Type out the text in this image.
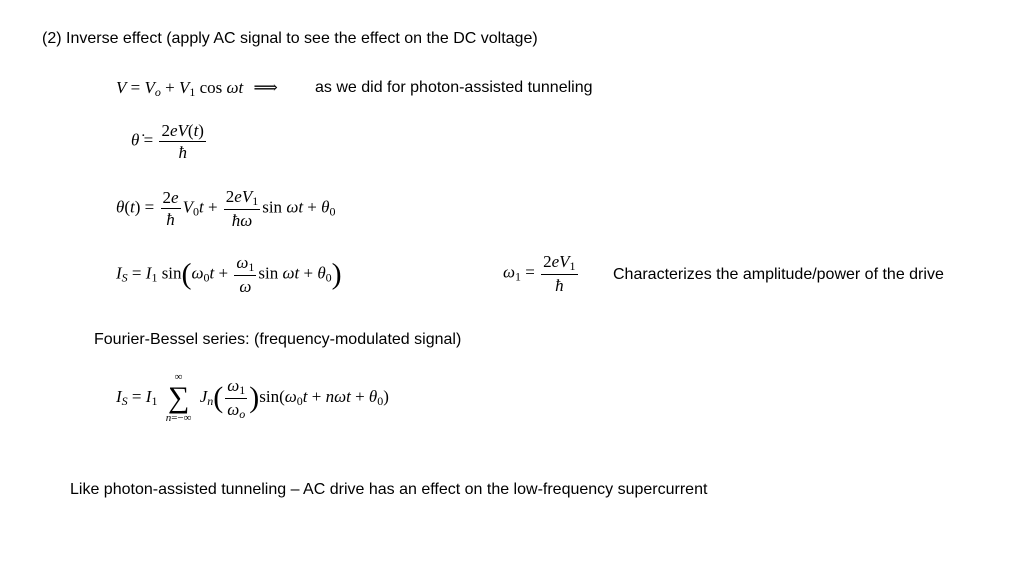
(2) Inverse effect (apply AC signal to see the effect on the DC voltage)
$V = V_o + V_1$ cos ωt ⟹ as we did for photon-assisted tunneling
θ̇ = $\frac{2eV(t)}{ħ}$
$\theta(t) = \frac{2e}{ħ} V_0t + \frac{2eV_1}{ħ\omega}$ $\sin \omega t + \theta_0$
$I_S = I_1$ $\sin(\omega_0t + \frac{\omega_1}{\omega}$ $\sin \omega t + \theta_0$)	$\omega_1 = \frac{2eV_1}{ħ}$ Characterizes the amplitude/power of the drive
Fourier-Bessel series: (frequency-modulated signal)
$I_S = I_1$
∞
∑
n=−∞
$J_n( \frac{\omega_1}{\omega_o} )\sin(\omega_0t + n\omega t + \theta_0)$
Like photon-assisted tunneling – AC drive has an effect on the low-frequency supercurrent
